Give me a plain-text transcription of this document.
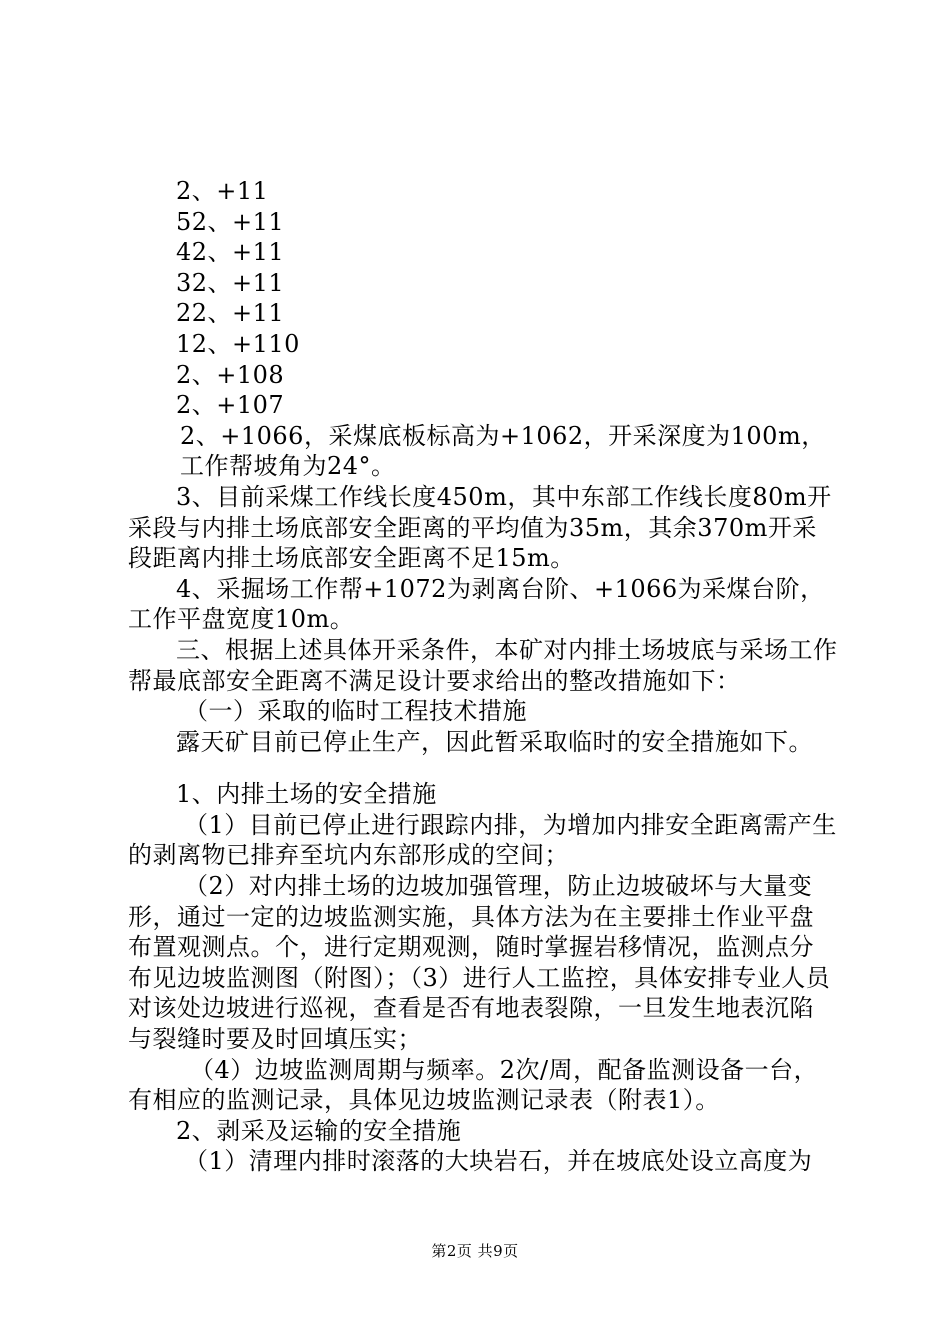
2、+11

52、+11

42、+11

32、+11

22、+11

12、+110

2、+108

2、+107

2、+1066，采煤底板标高为+1062，开采深度为100m，工作帮坡角为24°。

3、目前采煤工作线长度450m，其中东部工作线长度80m开采段与内排土场底部安全距离的平均值为35m，其余370m开采段距离内排土场底部安全距离不足15m。

4、采掘场工作帮+1072为剥离台阶、+1066为采煤台阶，工作平盘宽度10m。

三、根据上述具体开采条件，本矿对内排土场坡底与采场工作帮最底部安全距离不满足设计要求给出的整改措施如下：

（一）采取的临时工程技术措施

露天矿目前已停止生产，因此暂采取临时的安全措施如下。

1、内排土场的安全措施

（1）目前已停止进行跟踪内排，为增加内排安全距离需产生的剥离物已排弃至坑内东部形成的空间；

（2）对内排土场的边坡加强管理，防止边坡破坏与大量变形，通过一定的边坡监测实施，具体方法为在主要排土作业平盘布置观测点。个，进行定期观测，随时掌握岩移情况，监测点分布见边坡监测图（附图）；（3）进行人工监控，具体安排专业人员对该处边坡进行巡视，查看是否有地表裂隙，一旦发生地表沉陷与裂缝时要及时回填压实；

（4）边坡监测周期与频率。2次/周，配备监测设备一台，有相应的监测记录，具体见边坡监测记录表（附表1）。

2、剥采及运输的安全措施

（1）清理内排时滚落的大块岩石，并在坡底处设立高度为

第2页 共9页
